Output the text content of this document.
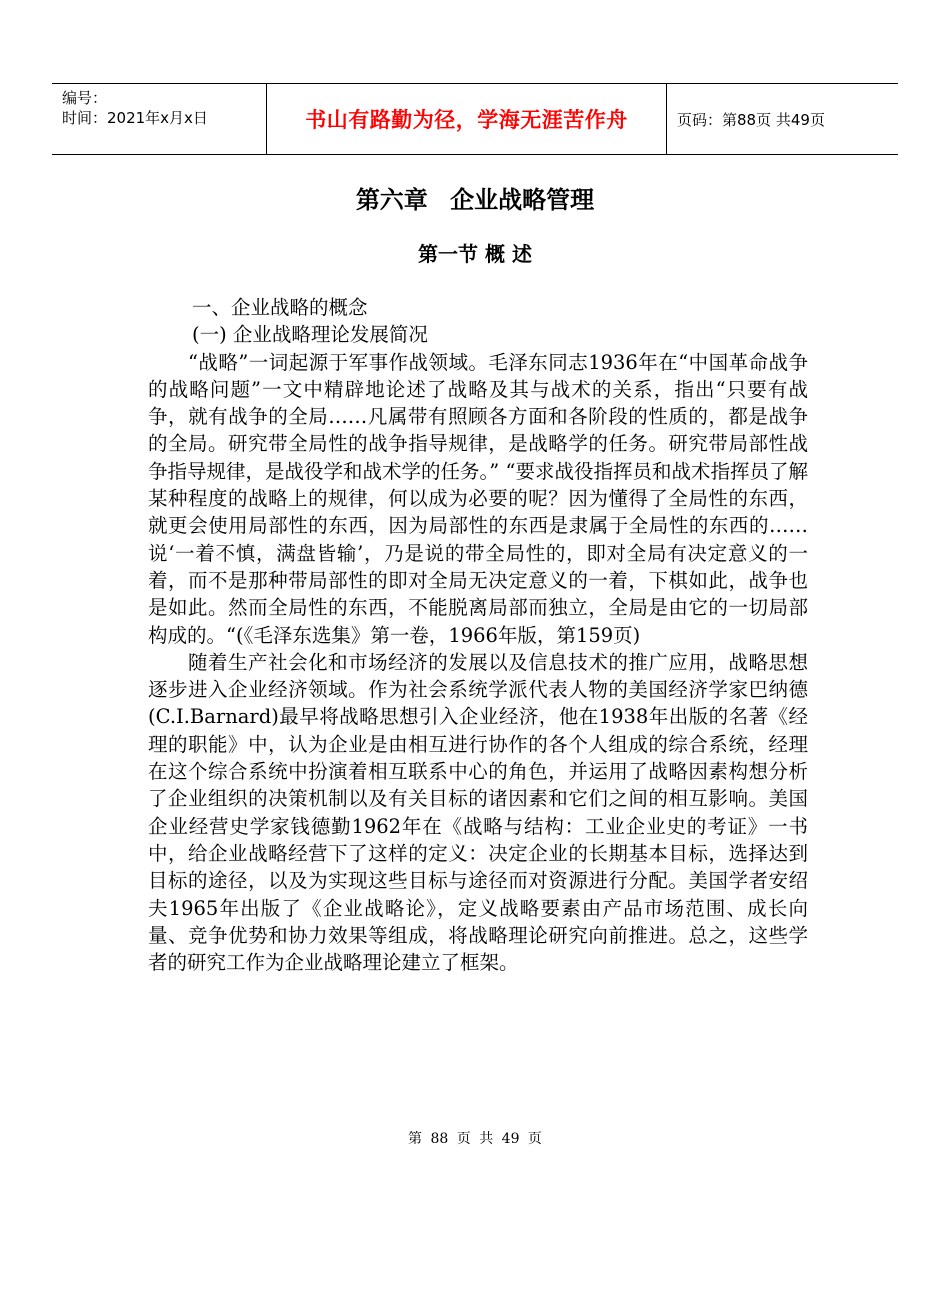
编号：
时间：2021年x月x日	书山有路勤为径，学海无涯苦作舟	页码：第88页 共49页
第六章 企业战略管理
第一节 概 述

一、企业战略的概念

(一) 企业战略理论发展简况

“战略”一词起源于军事作战领域。毛泽东同志1936年在“中国革命战争的战略问题”一文中精辟地论述了战略及其与战术的关系，指出“只要有战争，就有战争的全局……凡属带有照顾各方面和各阶段的性质的，都是战争的全局。研究带全局性的战争指导规律，是战略学的任务。研究带局部性战争指导规律，是战役学和战术学的任务。” “要求战役指挥员和战术指挥员了解某种程度的战略上的规律，何以成为必要的呢？因为懂得了全局性的东西，就更会使用局部性的东西，因为局部性的东西是隶属于全局性的东西的……说‘一着不慎，满盘皆输’，乃是说的带全局性的，即对全局有决定意义的一着，而不是那种带局部性的即对全局无决定意义的一着，下棋如此，战争也是如此。然而全局性的东西，不能脱离局部而独立，全局是由它的一切局部构成的。“(《毛泽东选集》第一卷，1966年版，第159页)

随着生产社会化和市场经济的发展以及信息技术的推广应用，战略思想逐步进入企业经济领域。作为社会系统学派代表人物的美国经济学家巴纳德(C.I.Barnard)最早将战略思想引入企业经济，他在1938年出版的名著《经理的职能》中，认为企业是由相互进行协作的各个人组成的综合系统，经理在这个综合系统中扮演着相互联系中心的角色，并运用了战略因素构想分析了企业组织的决策机制以及有关目标的诸因素和它们之间的相互影响。美国企业经营史学家钱德勤1962年在《战略与结构：工业企业史的考证》一书中，给企业战略经营下了这样的定义：决定企业的长期基本目标，选择达到目标的途径，以及为实现这些目标与途径而对资源进行分配。美国学者安绍夫1965年出版了《企业战略论》，定义战略要素由产品市场范围、成长向量、竞争优势和协力效果等组成，将战略理论研究向前推进。总之，这些学者的研究工作为企业战略理论建立了框架。

第 88 页 共 49 页
